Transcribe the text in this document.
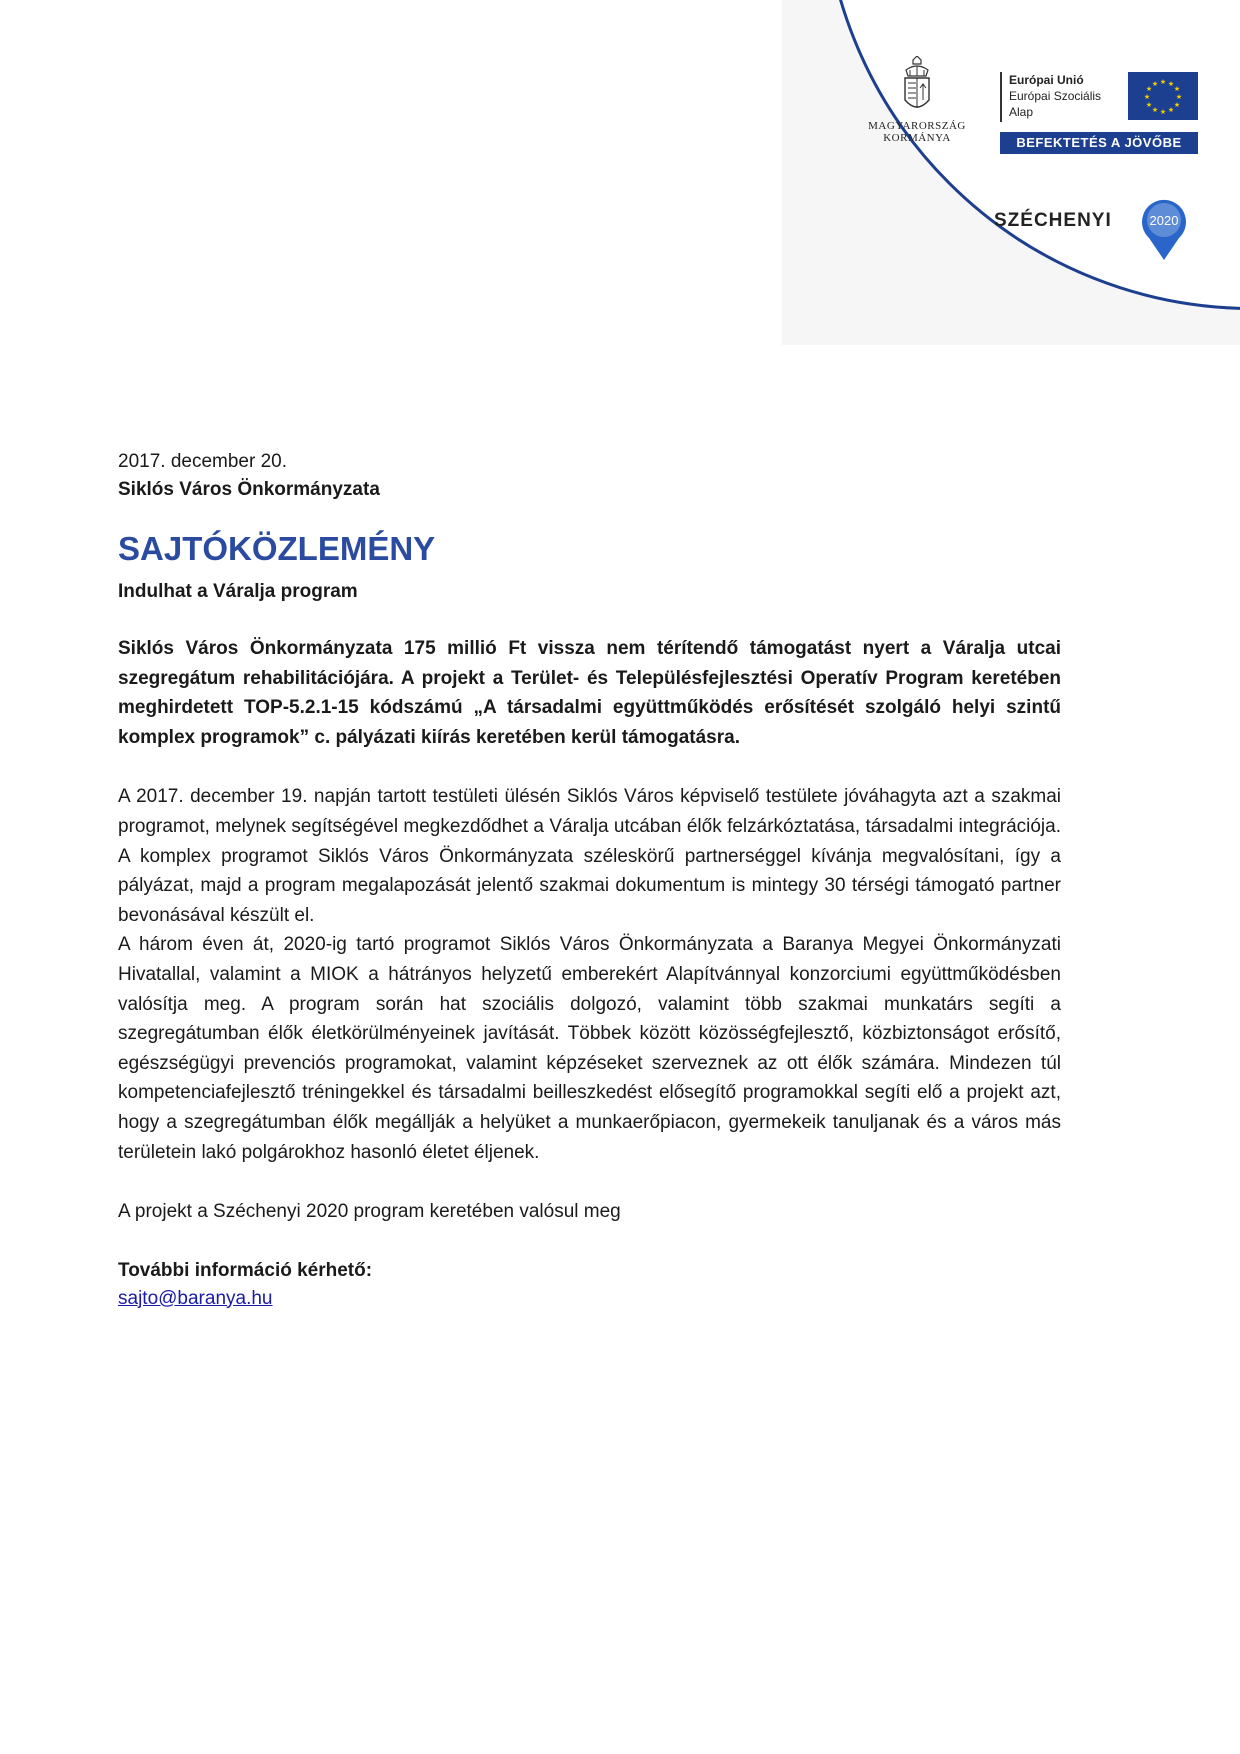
MAGYARORSZÁG
KORMÁNYA
Európai Unió
Európai Szociális
Alap
★ ★
★
★
★
★
★
★
★
★
★
★
BEFEKTETÉS A JÖVŐBE
SZÉCHENYI	2020
2017. december 20.
Siklós Város Önkormányzata
SAJTÓKÖZLEMÉNY
Indulhat a Váralja program

Siklós Város Önkormányzata 175 millió Ft vissza nem térítendő támogatást nyert a Váralja utcai szegregátum rehabilitációjára. A projekt a Terület- és Településfejlesztési Operatív Program keretében meghirdetett TOP-5.2.1-15 kódszámú „A társadalmi együttműködés erősítését szolgáló helyi szintű komplex programok” c. pályázati kiírás keretében kerül támogatásra.

A 2017. december 19. napján tartott testületi ülésén Siklós Város képviselő testülete jóváhagyta azt a szakmai programot, melynek segítségével megkezdődhet a Váralja utcában élők felzárkóztatása, társadalmi integrációja. A komplex programot Siklós Város Önkormányzata széleskörű partnerséggel kívánja megvalósítani, így a pályázat, majd a program megalapozását jelentő szakmai dokumentum is mintegy 30 térségi támogató partner bevonásával készült el.

A három éven át, 2020-ig tartó programot Siklós Város Önkormányzata a Baranya Megyei Önkormányzati Hivatallal, valamint a MIOK a hátrányos helyzetű emberekért Alapítvánnyal konzorciumi együttműködésben valósítja meg. A program során hat szociális dolgozó, valamint több szakmai munkatárs segíti a szegregátumban élők életkörülményeinek javítását. Többek között közösségfejlesztő, közbiztonságot erősítő, egészségügyi prevenciós programokat, valamint képzéseket szerveznek az ott élők számára. Mindezen túl kompetenciafejlesztő tréningekkel és társadalmi beilleszkedést elősegítő programokkal segíti elő a projekt azt, hogy a szegregátumban élők megállják a helyüket a munkaerőpiacon, gyermekeik tanuljanak és a város más területein lakó polgárokhoz hasonló életet éljenek.

A projekt a Széchenyi 2020 program keretében valósul meg

További információ kérhető:
sajto@baranya.hu
